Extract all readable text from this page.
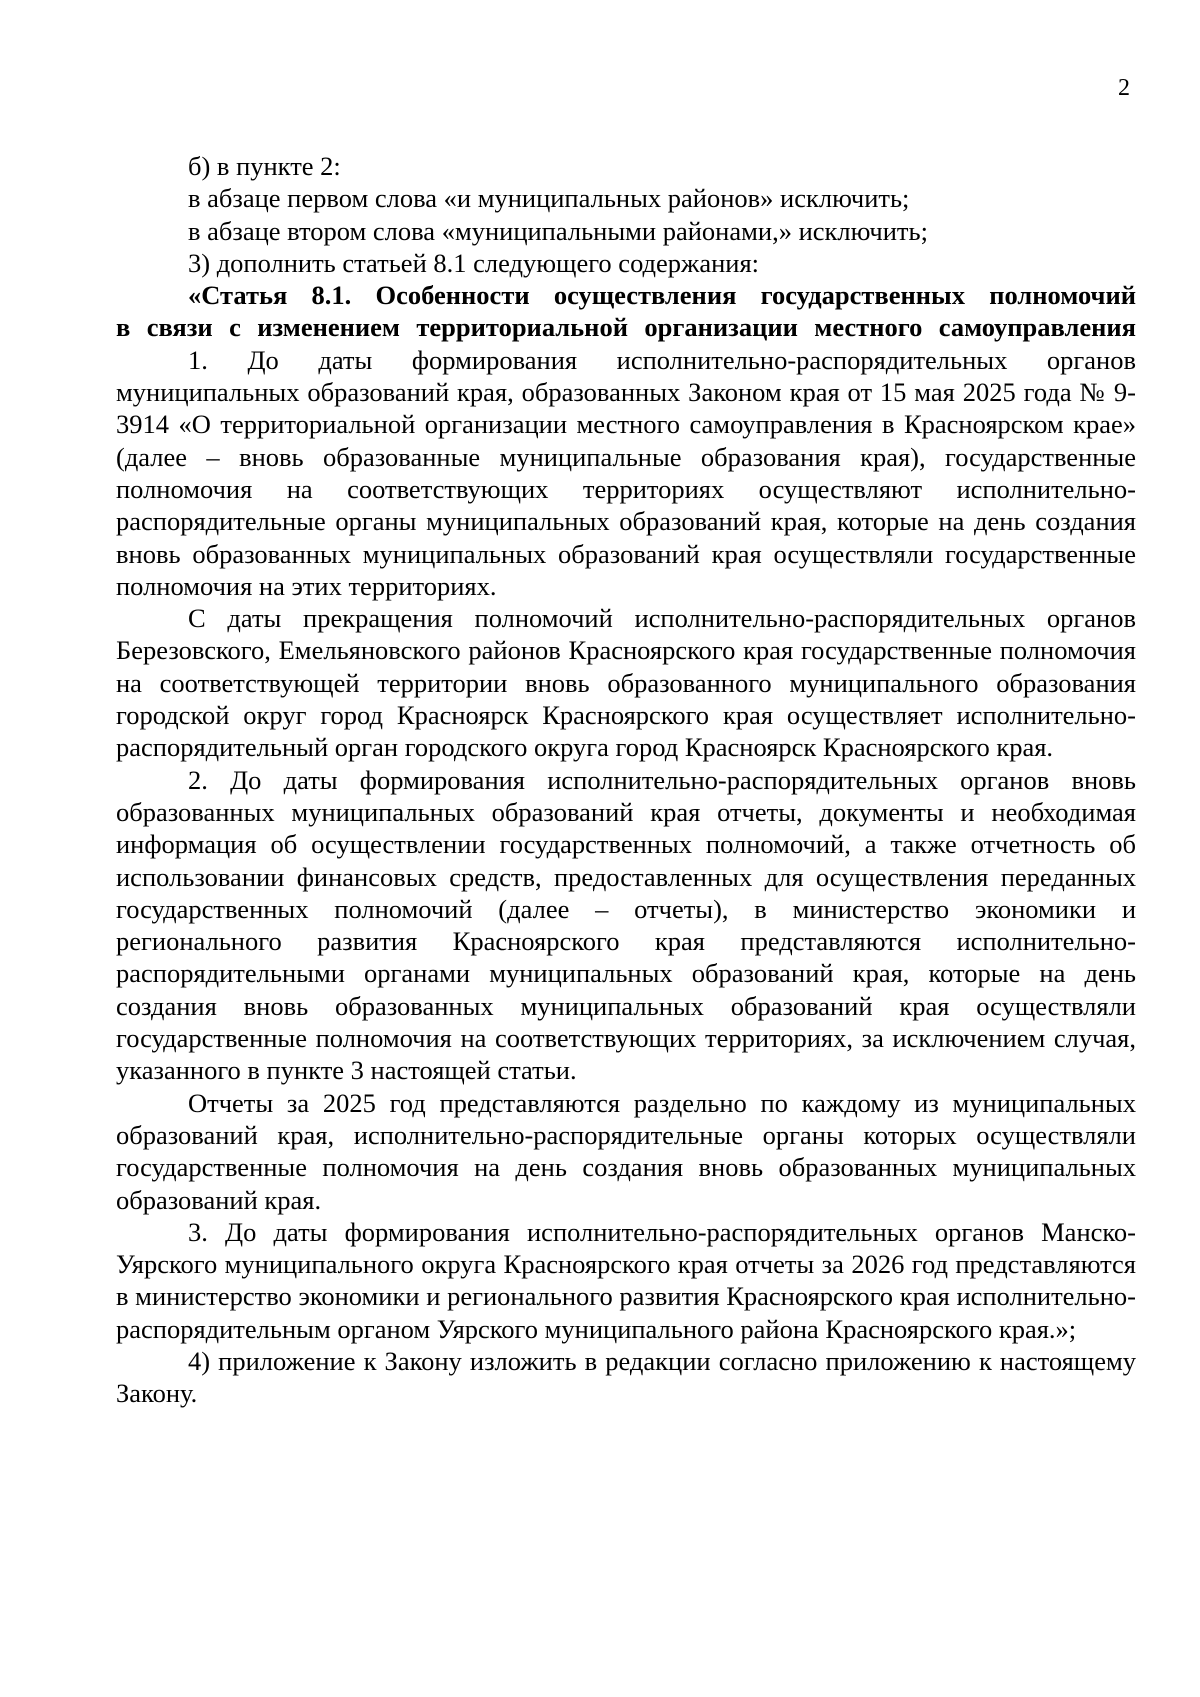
2

б) в пункте 2:

в абзаце первом слова «и муниципальных районов» исключить;

в абзаце втором слова «муниципальными районами,» исключить;

3) дополнить статьей 8.1 следующего содержания:

«Статья 8.1. Особенности осуществления государственных полномочий

в связи с изменением территориальной организации местного самоуправления

1. До даты формирования исполнительно-распорядительных органов муниципальных образований края, образованных Законом края от 15 мая 2025 года № 9-3914 «О территориальной организации местного самоуправления в Красноярском крае» (далее – вновь образованные муниципальные образования края), государственные полномочия на соответствующих территориях осуществляют исполнительно-распорядительные органы муниципальных образований края, которые на день создания вновь образованных муниципальных образований края осуществляли государственные полномочия на этих территориях.

С даты прекращения полномочий исполнительно-распорядительных органов Березовского, Емельяновского районов Красноярского края государственные полномочия на соответствующей территории вновь образованного муниципального образования городской округ город Красноярск Красноярского края осуществляет исполнительно-распорядительный орган городского округа город Красноярск Красноярского края.

2. До даты формирования исполнительно-распорядительных органов вновь образованных муниципальных образований края отчеты, документы и необходимая информация об осуществлении государственных полномочий, а также отчетность об использовании финансовых средств, предоставленных для осуществления переданных государственных полномочий (далее – отчеты), в министерство экономики и регионального развития Красноярского края представляются исполнительно-распорядительными органами муниципальных образований края, которые на день создания вновь образованных муниципальных образований края осуществляли государственные полномочия на соответствующих территориях, за исключением случая, указанного в пункте 3 настоящей статьи.

Отчеты за 2025 год представляются раздельно по каждому из муниципальных образований края, исполнительно-распорядительные органы которых осуществляли государственные полномочия на день создания вновь образованных муниципальных образований края.

3. До даты формирования исполнительно-распорядительных органов Манско-Уярского муниципального округа Красноярского края отчеты за 2026 год представляются в министерство экономики и регионального развития Красноярского края исполнительно-распорядительным органом Уярского муниципального района Красноярского края.»;

4) приложение к Закону изложить в редакции согласно приложению к настоящему Закону.
